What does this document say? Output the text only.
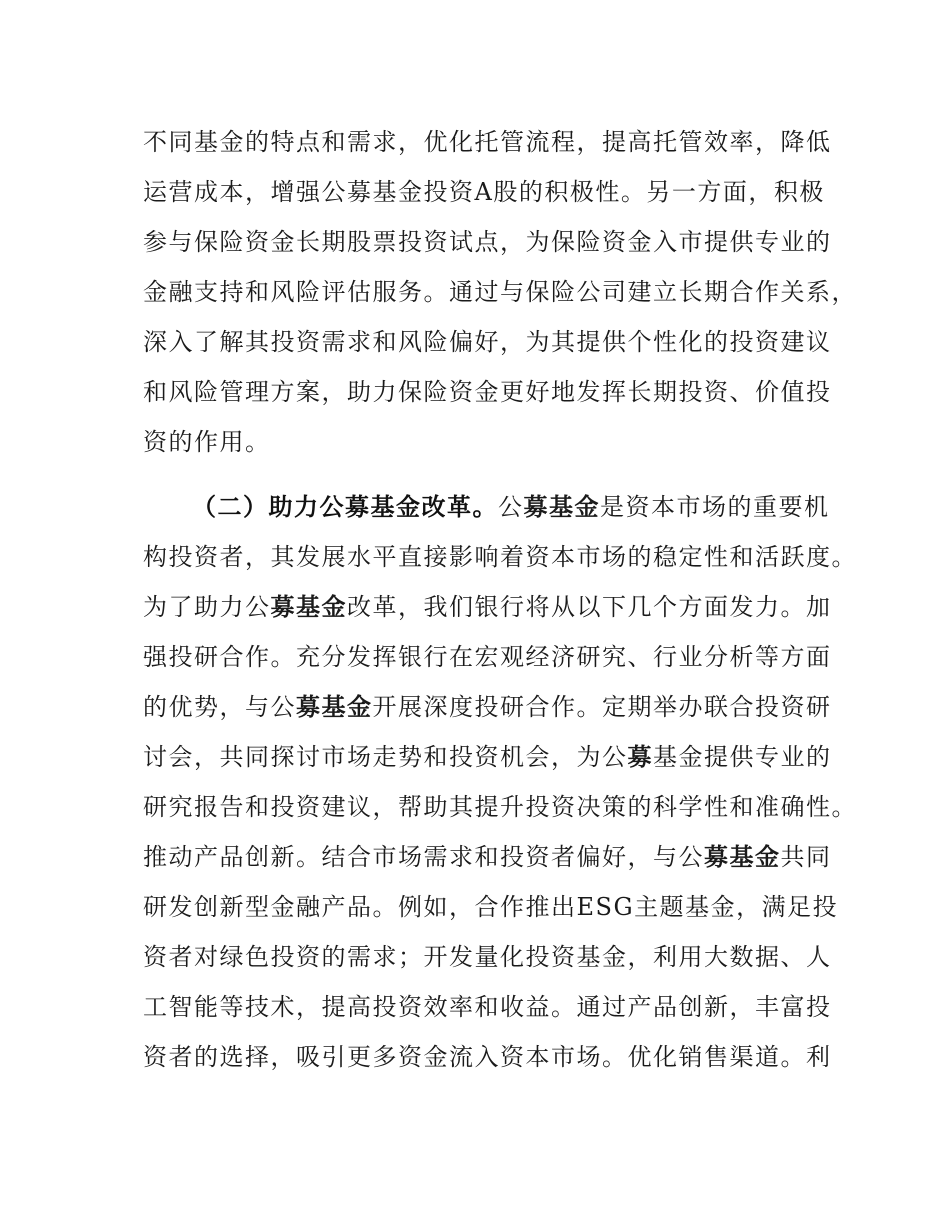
不同基金的特点和需求，优化托管流程，提高托管效率，降低
运营成本，增强公募基金投资A股的积极性。另一方面，积极
参与保险资金长期股票投资试点，为保险资金入市提供专业的
金融支持和风险评估服务。通过与保险公司建立长期合作关系，
深入了解其投资需求和风险偏好，为其提供个性化的投资建议
和风险管理方案，助力保险资金更好地发挥长期投资、价值投
资的作用。
（二）助力公募基金改革。公募基金是资本市场的重要机
构投资者，其发展水平直接影响着资本市场的稳定性和活跃度。
为了助力公募基金改革，我们银行将从以下几个方面发力。加
强投研合作。充分发挥银行在宏观经济研究、行业分析等方面
的优势，与公募基金开展深度投研合作。定期举办联合投资研
讨会，共同探讨市场走势和投资机会，为公募基金提供专业的
研究报告和投资建议，帮助其提升投资决策的科学性和准确性。
推动产品创新。结合市场需求和投资者偏好，与公募基金共同
研发创新型金融产品。例如，合作推出ESG主题基金，满足投
资者对绿色投资的需求；开发量化投资基金，利用大数据、人
工智能等技术，提高投资效率和收益。通过产品创新，丰富投
资者的选择，吸引更多资金流入资本市场。优化销售渠道。利
